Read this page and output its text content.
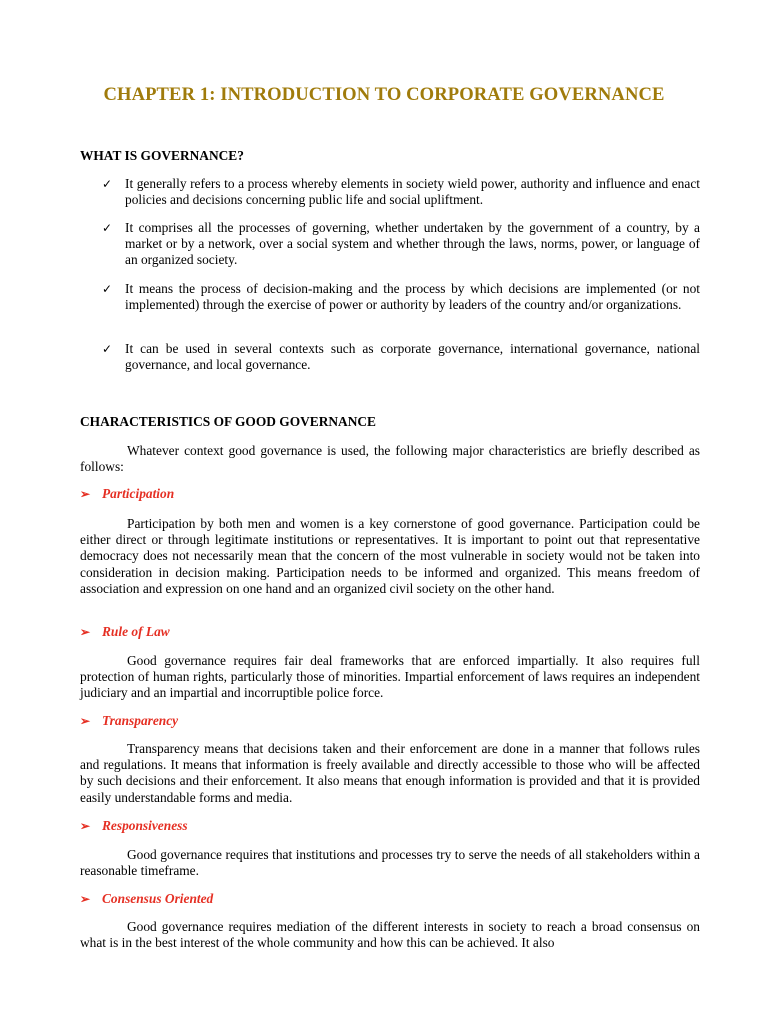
CHAPTER 1: INTRODUCTION TO CORPORATE GOVERNANCE
WHAT IS GOVERNANCE?
✓ It generally refers to a process whereby elements in society wield power, authority and influence and enact policies and decisions concerning public life and social upliftment.
✓ It comprises all the processes of governing, whether undertaken by the government of a country, by a market or by a network, over a social system and whether through the laws, norms, power, or language of an organized society.
✓ It means the process of decision-making and the process by which decisions are implemented (or not implemented) through the exercise of power or authority by leaders of the country and/or organizations.
✓ It can be used in several contexts such as corporate governance, international governance, national governance, and local governance.
CHARACTERISTICS OF GOOD GOVERNANCE

Whatever context good governance is used, the following major characteristics are briefly described as follows:

➢ Participation

Participation by both men and women is a key cornerstone of good governance. Participation could be either direct or through legitimate institutions or representatives. It is important to point out that representative democracy does not necessarily mean that the concern of the most vulnerable in society would not be taken into consideration in decision making. Participation needs to be informed and organized. This means freedom of association and expression on one hand and an organized civil society on the other hand.

➢ Rule of Law

Good governance requires fair deal frameworks that are enforced impartially. It also requires full protection of human rights, particularly those of minorities. Impartial enforcement of laws requires an independent judiciary and an impartial and incorruptible police force.

➢ Transparency

Transparency means that decisions taken and their enforcement are done in a manner that follows rules and regulations. It means that information is freely available and directly accessible to those who will be affected by such decisions and their enforcement. It also means that enough information is provided and that it is provided easily understandable forms and media.

➢ Responsiveness

Good governance requires that institutions and processes try to serve the needs of all stakeholders within a reasonable timeframe.

➢ Consensus Oriented

Good governance requires mediation of the different interests in society to reach a broad consensus on what is in the best interest of the whole community and how this can be achieved. It also
